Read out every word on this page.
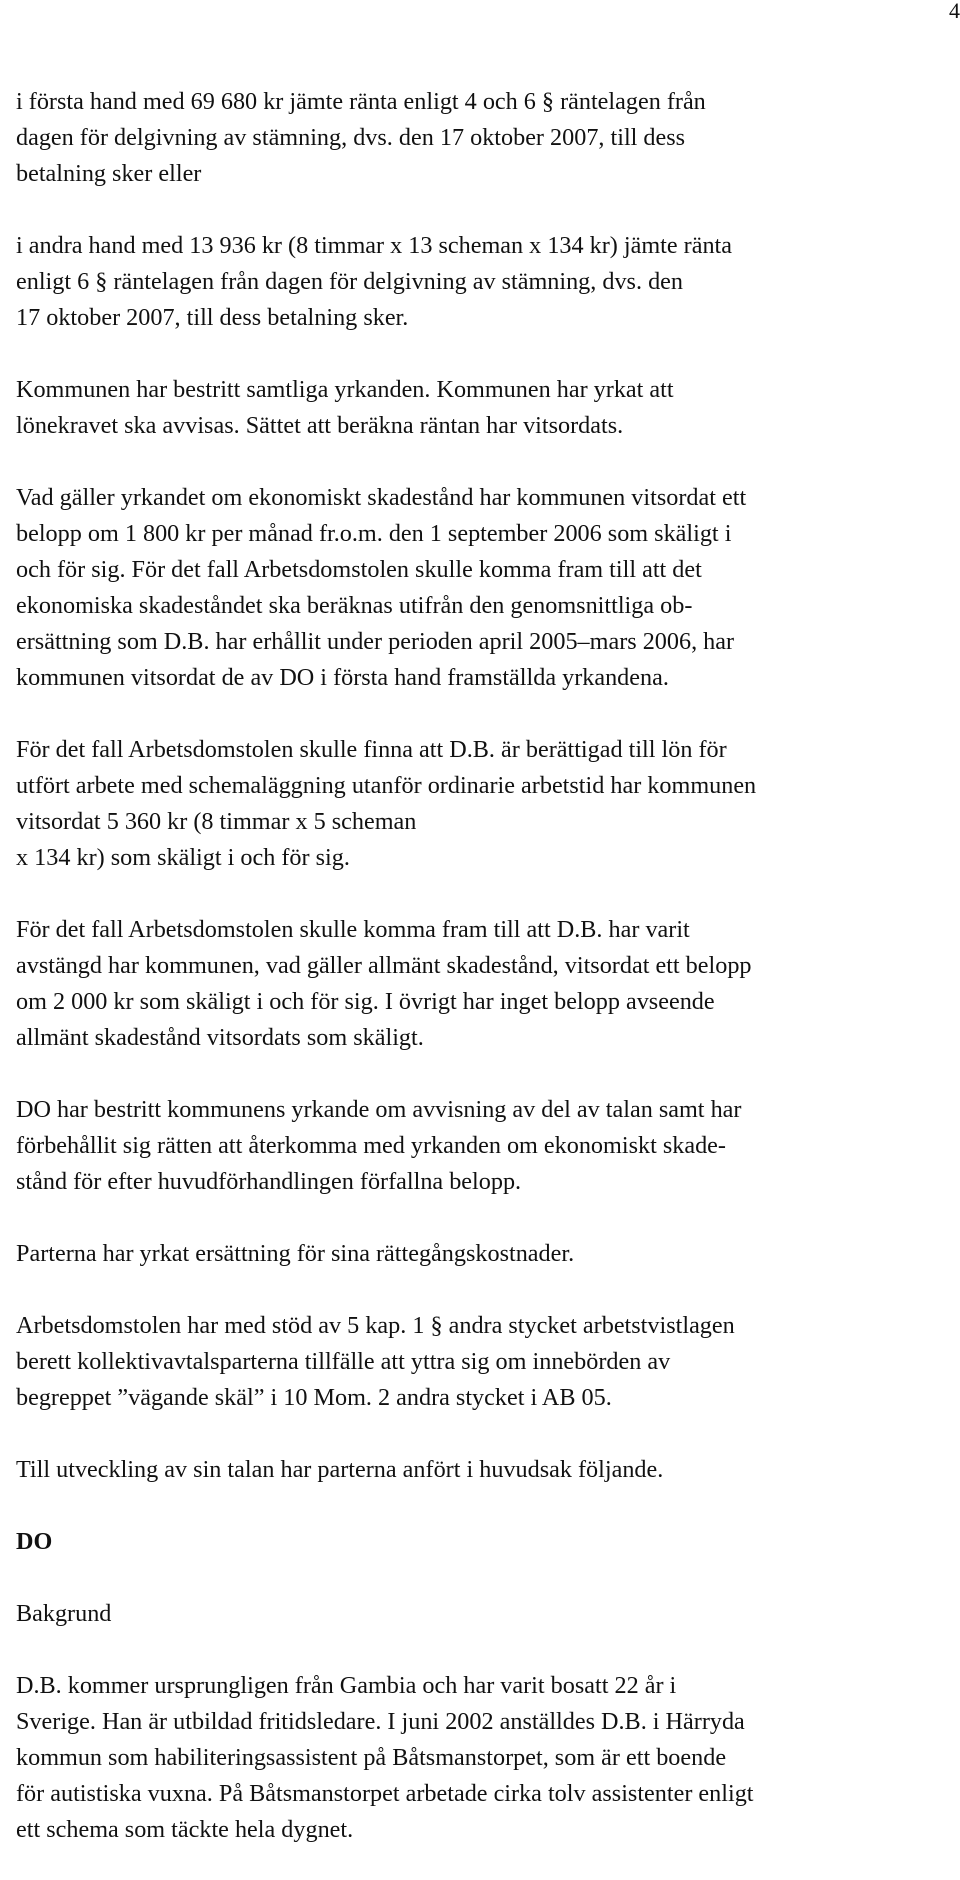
4
i första hand med 69 680 kr jämte ränta enligt 4 och 6 § räntelagen från
dagen för delgivning av stämning, dvs. den 17 oktober 2007, till dess
betalning sker eller
i andra hand med 13 936 kr (8 timmar x 13 scheman x 134 kr) jämte ränta
enligt 6 § räntelagen från dagen för delgivning av stämning, dvs. den
17 oktober 2007, till dess betalning sker.
Kommunen har bestritt samtliga yrkanden. Kommunen har yrkat att
lönekravet ska avvisas. Sättet att beräkna räntan har vitsordats.
Vad gäller yrkandet om ekonomiskt skadestånd har kommunen vitsordat ett
belopp om 1 800 kr per månad fr.o.m. den 1 september 2006 som skäligt i
och för sig. För det fall Arbetsdomstolen skulle komma fram till att det
ekonomiska skadeståndet ska beräknas utifrån den genomsnittliga ob-
ersättning som D.B. har erhållit under perioden april 2005–mars 2006, har
kommunen vitsordat de av DO i första hand framställda yrkandena.
För det fall Arbetsdomstolen skulle finna att D.B. är berättigad till lön för
utfört arbete med schemaläggning utanför ordinarie arbetstid har kommunen
vitsordat 5 360 kr (8 timmar x 5 scheman
x 134 kr) som skäligt i och för sig.
För det fall Arbetsdomstolen skulle komma fram till att D.B. har varit
avstängd har kommunen, vad gäller allmänt skadestånd, vitsordat ett belopp
om 2 000 kr som skäligt i och för sig. I övrigt har inget belopp avseende
allmänt skadestånd vitsordats som skäligt.
DO har bestritt kommunens yrkande om avvisning av del av talan samt har
förbehållit sig rätten att återkomma med yrkanden om ekonomiskt skade-
stånd för efter huvudförhandlingen förfallna belopp.
Parterna har yrkat ersättning för sina rättegångskostnader.
Arbetsdomstolen har med stöd av 5 kap. 1 § andra stycket arbetstvistlagen
berett kollektivavtalsparterna tillfälle att yttra sig om innebörden av
begreppet ”vägande skäl” i 10 Mom. 2 andra stycket i AB 05.
Till utveckling av sin talan har parterna anfört i huvudsak följande.
DO
Bakgrund
D.B. kommer ursprungligen från Gambia och har varit bosatt 22 år i
Sverige. Han är utbildad fritidsledare. I juni 2002 anställdes D.B. i Härryda
kommun som habiliteringsassistent på Båtsmanstorpet, som är ett boende
för autistiska vuxna. På Båtsmanstorpet arbetade cirka tolv assistenter enligt
ett schema som täckte hela dygnet.
